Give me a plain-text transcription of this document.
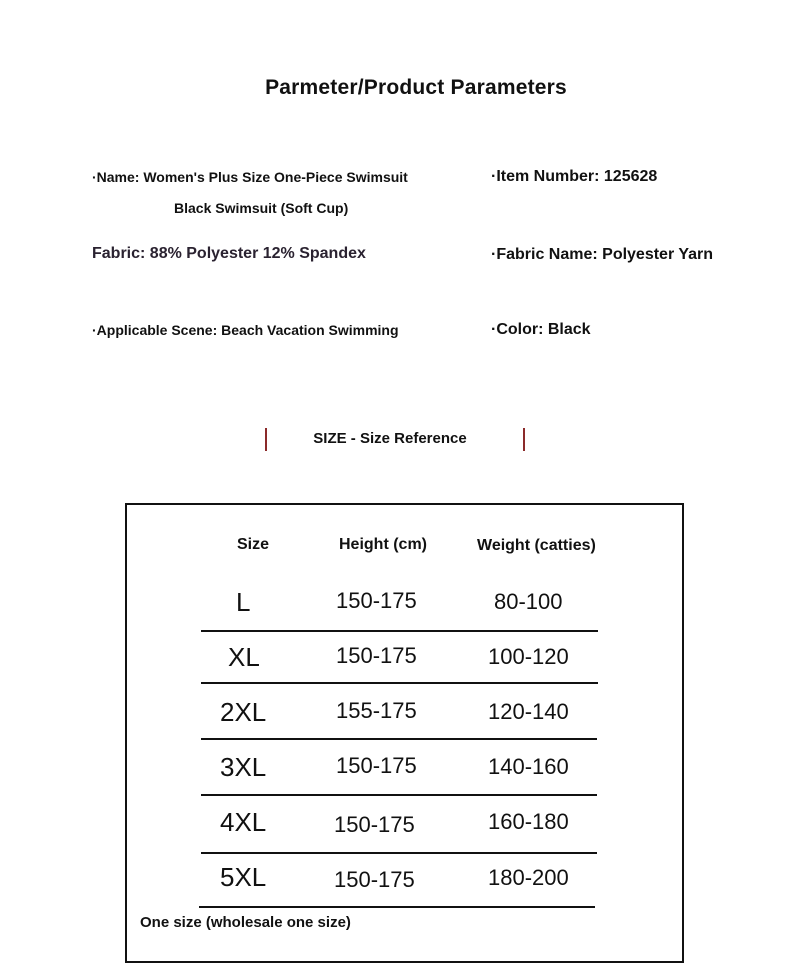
Parmeter/Product Parameters
·Name: Women's Plus Size One-Piece Swimsuit
Black Swimsuit (Soft Cup)
·Item Number: 125628
Fabric: 88% Polyester 12% Spandex	·Fabric Name: Polyester Yarn
·Applicable Scene: Beach Vacation Swimming	·Color: Black
SIZE - Size Reference
Size	Height (cm)	Weight (catties)
L	150-175	80-100
XL	150-175	100-120
2XL	155-175	120-140
3XL	150-175	140-160
4XL	150-175	160-180
5XL	150-175	180-200
One size (wholesale one size)
